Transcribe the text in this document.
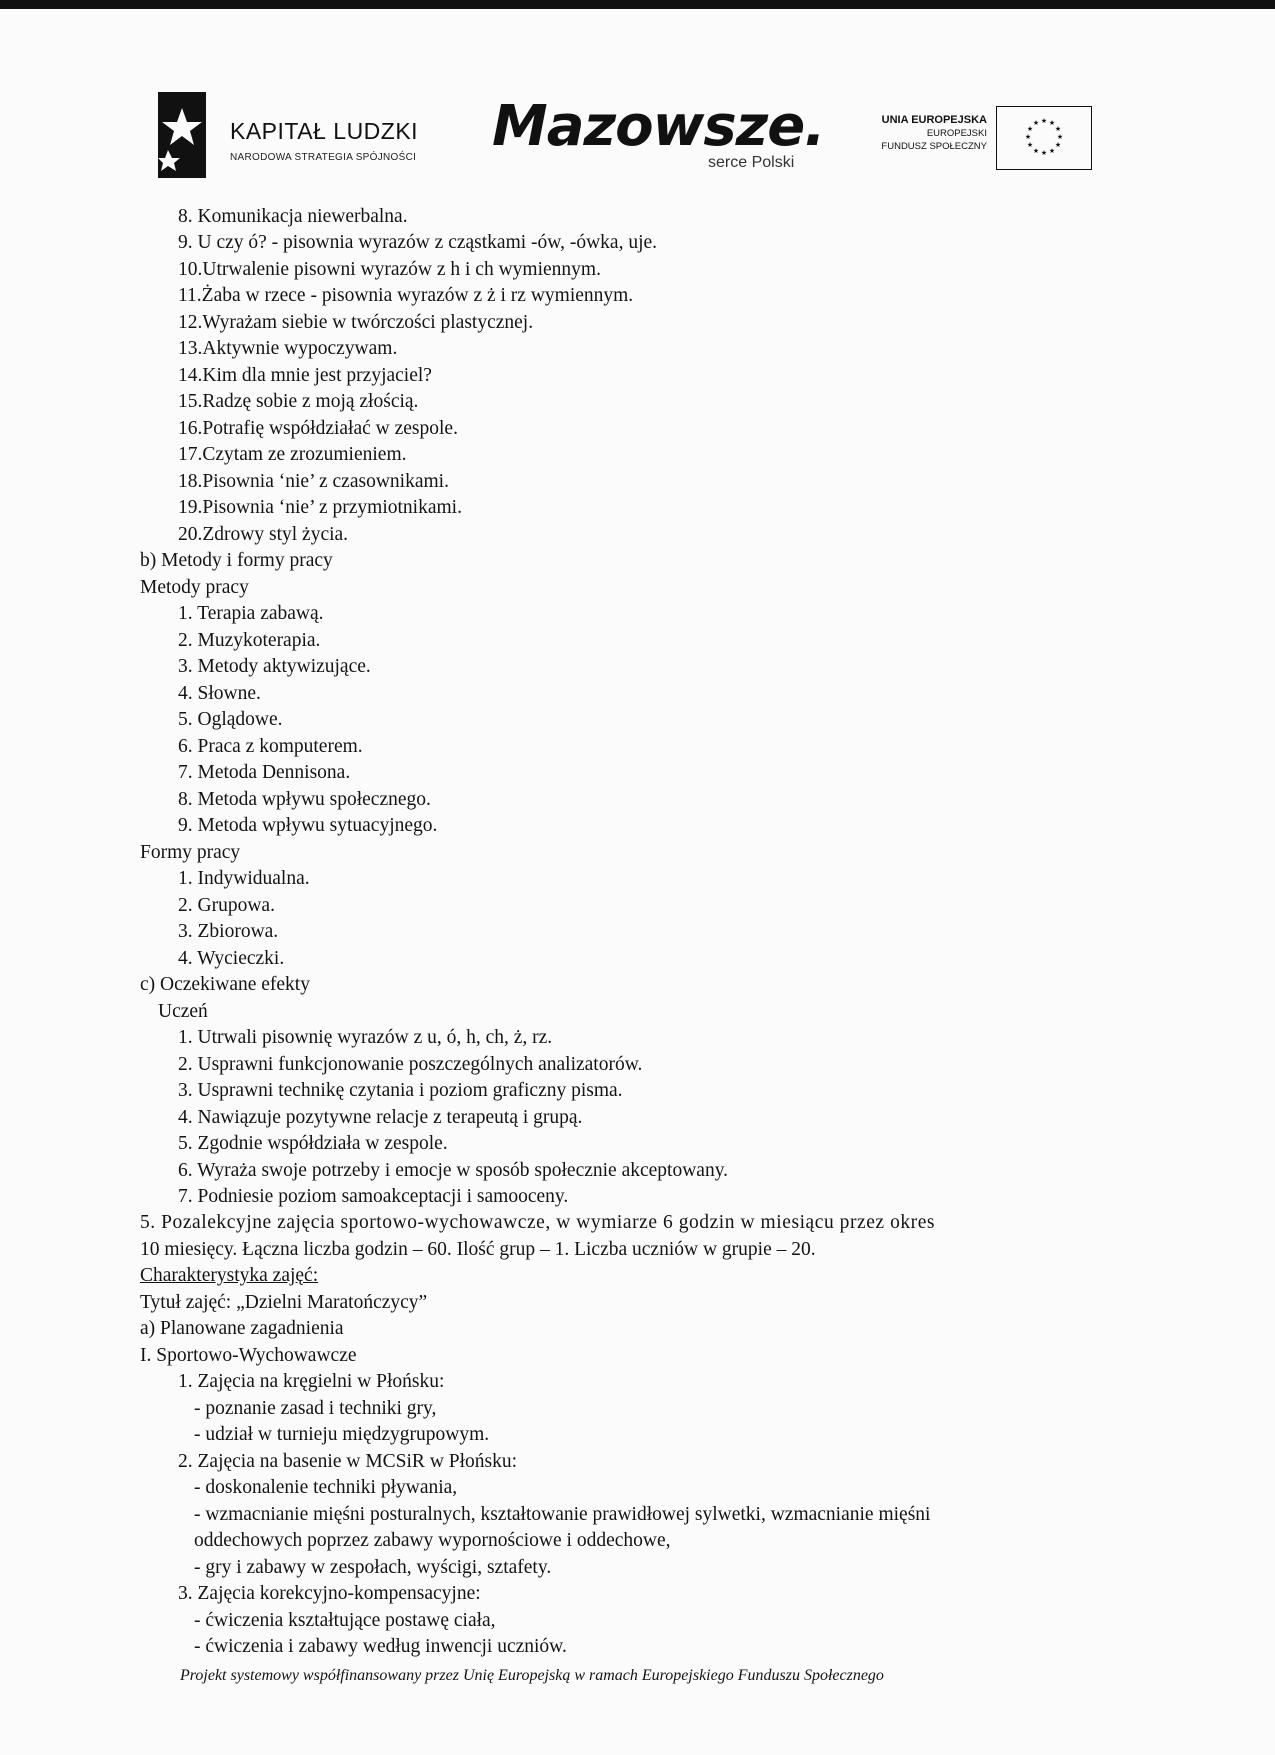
KAPITAŁ LUDZKI
NARODOWA STRATEGIA SPÓJNOŚCI Mazowsze.
serce Polski
UNIA EUROPEJSKA
EUROPEJSKI
FUNDUSZ SPOŁECZNY
★ ★
★
★
★
★
★
★
★
★
★
★
8. Komunikacja niewerbalna.
9. U czy ó? - pisownia wyrazów z cząstkami -ów, -ówka, uje.
10.Utrwalenie pisowni wyrazów z h i ch wymiennym.
11.Żaba w rzece - pisownia wyrazów z ż i rz wymiennym.
12.Wyrażam siebie w twórczości plastycznej.
13.Aktywnie wypoczywam.
14.Kim dla mnie jest przyjaciel?
15.Radzę sobie z moją złością.
16.Potrafię współdziałać w zespole.
17.Czytam ze zrozumieniem.
18.Pisownia ‘nie’ z czasownikami.
19.Pisownia ‘nie’ z przymiotnikami.
20.Zdrowy styl życia.
b) Metody i formy pracy
Metody pracy
1. Terapia zabawą.
2. Muzykoterapia.
3. Metody aktywizujące.
4. Słowne.
5. Oglądowe.
6. Praca z komputerem.
7. Metoda Dennisona.
8. Metoda wpływu społecznego.
9. Metoda wpływu sytuacyjnego.
Formy pracy
1. Indywidualna.
2. Grupowa.
3. Zbiorowa.
4. Wycieczki.
c) Oczekiwane efekty
Uczeń
1. Utrwali pisownię wyrazów z u, ó, h, ch, ż, rz.
2. Usprawni funkcjonowanie poszczególnych analizatorów.
3. Usprawni technikę czytania i poziom graficzny pisma.
4. Nawiązuje pozytywne relacje z terapeutą i grupą.
5. Zgodnie współdziała w zespole.
6. Wyraża swoje potrzeby i emocje w sposób społecznie akceptowany.
7. Podniesie poziom samoakceptacji i samooceny.
5. Pozalekcyjne zajęcia sportowo-wychowawcze, w wymiarze 6 godzin w miesiącu przez okres
10 miesięcy. Łączna liczba godzin – 60. Ilość grup – 1. Liczba uczniów w grupie – 20.
Charakterystyka zajęć:
Tytuł zajęć: „Dzielni Maratończycy”
a) Planowane zagadnienia
I. Sportowo-Wychowawcze
1. Zajęcia na kręgielni w Płońsku:
- poznanie zasad i techniki gry,
- udział w turnieju międzygrupowym.
2. Zajęcia na basenie w MCSiR w Płońsku:
- doskonalenie techniki pływania,
- wzmacnianie mięśni posturalnych, kształtowanie prawidłowej sylwetki, wzmacnianie mięśni
oddechowych poprzez zabawy wypornościowe i oddechowe,
- gry i zabawy w zespołach, wyścigi, sztafety.
3. Zajęcia korekcyjno-kompensacyjne:
- ćwiczenia kształtujące postawę ciała,
- ćwiczenia i zabawy według inwencji uczniów.
Projekt systemowy współfinansowany przez Unię Europejską w ramach Europejskiego Funduszu Społecznego
